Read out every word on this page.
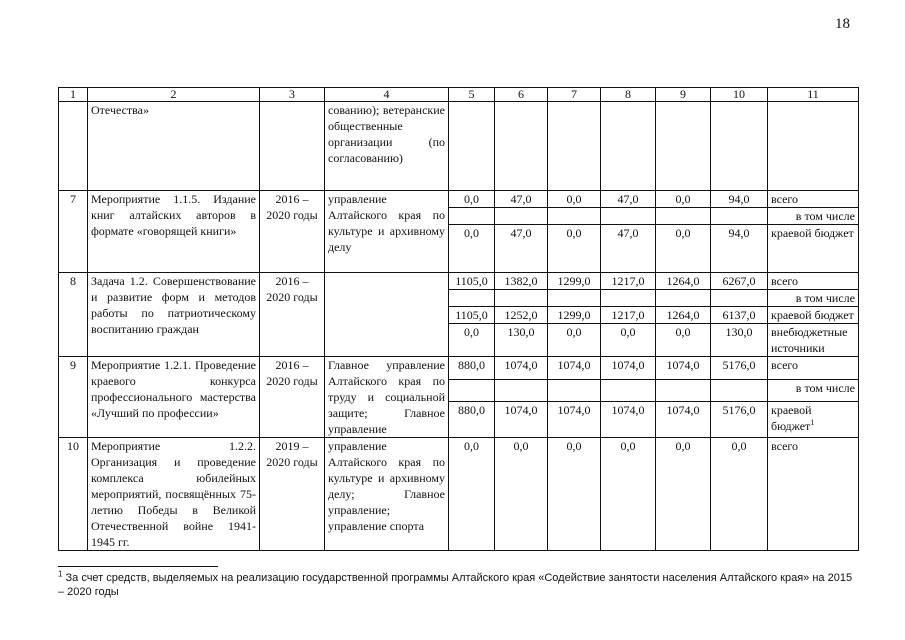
18
1	2	3	4	5	6	7	8	9	10	11
	Отечества»		сованию); ветеранские общественные организации (по согласованию)							
7	Мероприятие 1.1.5. Издание книг алтайских авторов в формате «говорящей книги»	2016 – 2020 годы	управление Алтайского края по культуре и архивному делу	0,0	47,0	0,0	47,0	0,0	94,0	всего
										в том числе
				0,0	47,0	0,0	47,0	0,0	94,0	краевой бюджет
8	Задача 1.2. Совершенствование и развитие форм и методов работы по патриотическому воспитанию граждан	2016 – 2020 годы		1105,0	1382,0	1299,0	1217,0	1264,0	6267,0	всего
										в том числе
				1105,0	1252,0	1299,0	1217,0	1264,0	6137,0	краевой бюджет
				0,0	130,0	0,0	0,0	0,0	130,0	внебюджетные источники
9	Мероприятие 1.2.1. Проведение краевого конкурса профессионального мастерства «Лучший по профессии»	2016 – 2020 годы	Главное управление Алтайского края по труду и социальной защите; Главное управление	880,0	1074,0	1074,0	1074,0	1074,0	5176,0	всего
										в том числе
				880,0	1074,0	1074,0	1074,0	1074,0	5176,0	краевой бюджет$^1$
10	Мероприятие 1.2.2. Организация и проведение комплекса юбилейных мероприятий, посвящённых 75-летию Победы в Великой Отечественной войне 1941-1945 гг.	2019 – 2020 годы	управление Алтайского края по культуре и архивному делу; Главное управление; управление спорта	0,0	0,0	0,0	0,0	0,0	0,0	всего
$^1$ За счет средств, выделяемых на реализацию государственной программы Алтайского края «Содействие занятости населения Алтайского края» на 2015 – 2020 годы
